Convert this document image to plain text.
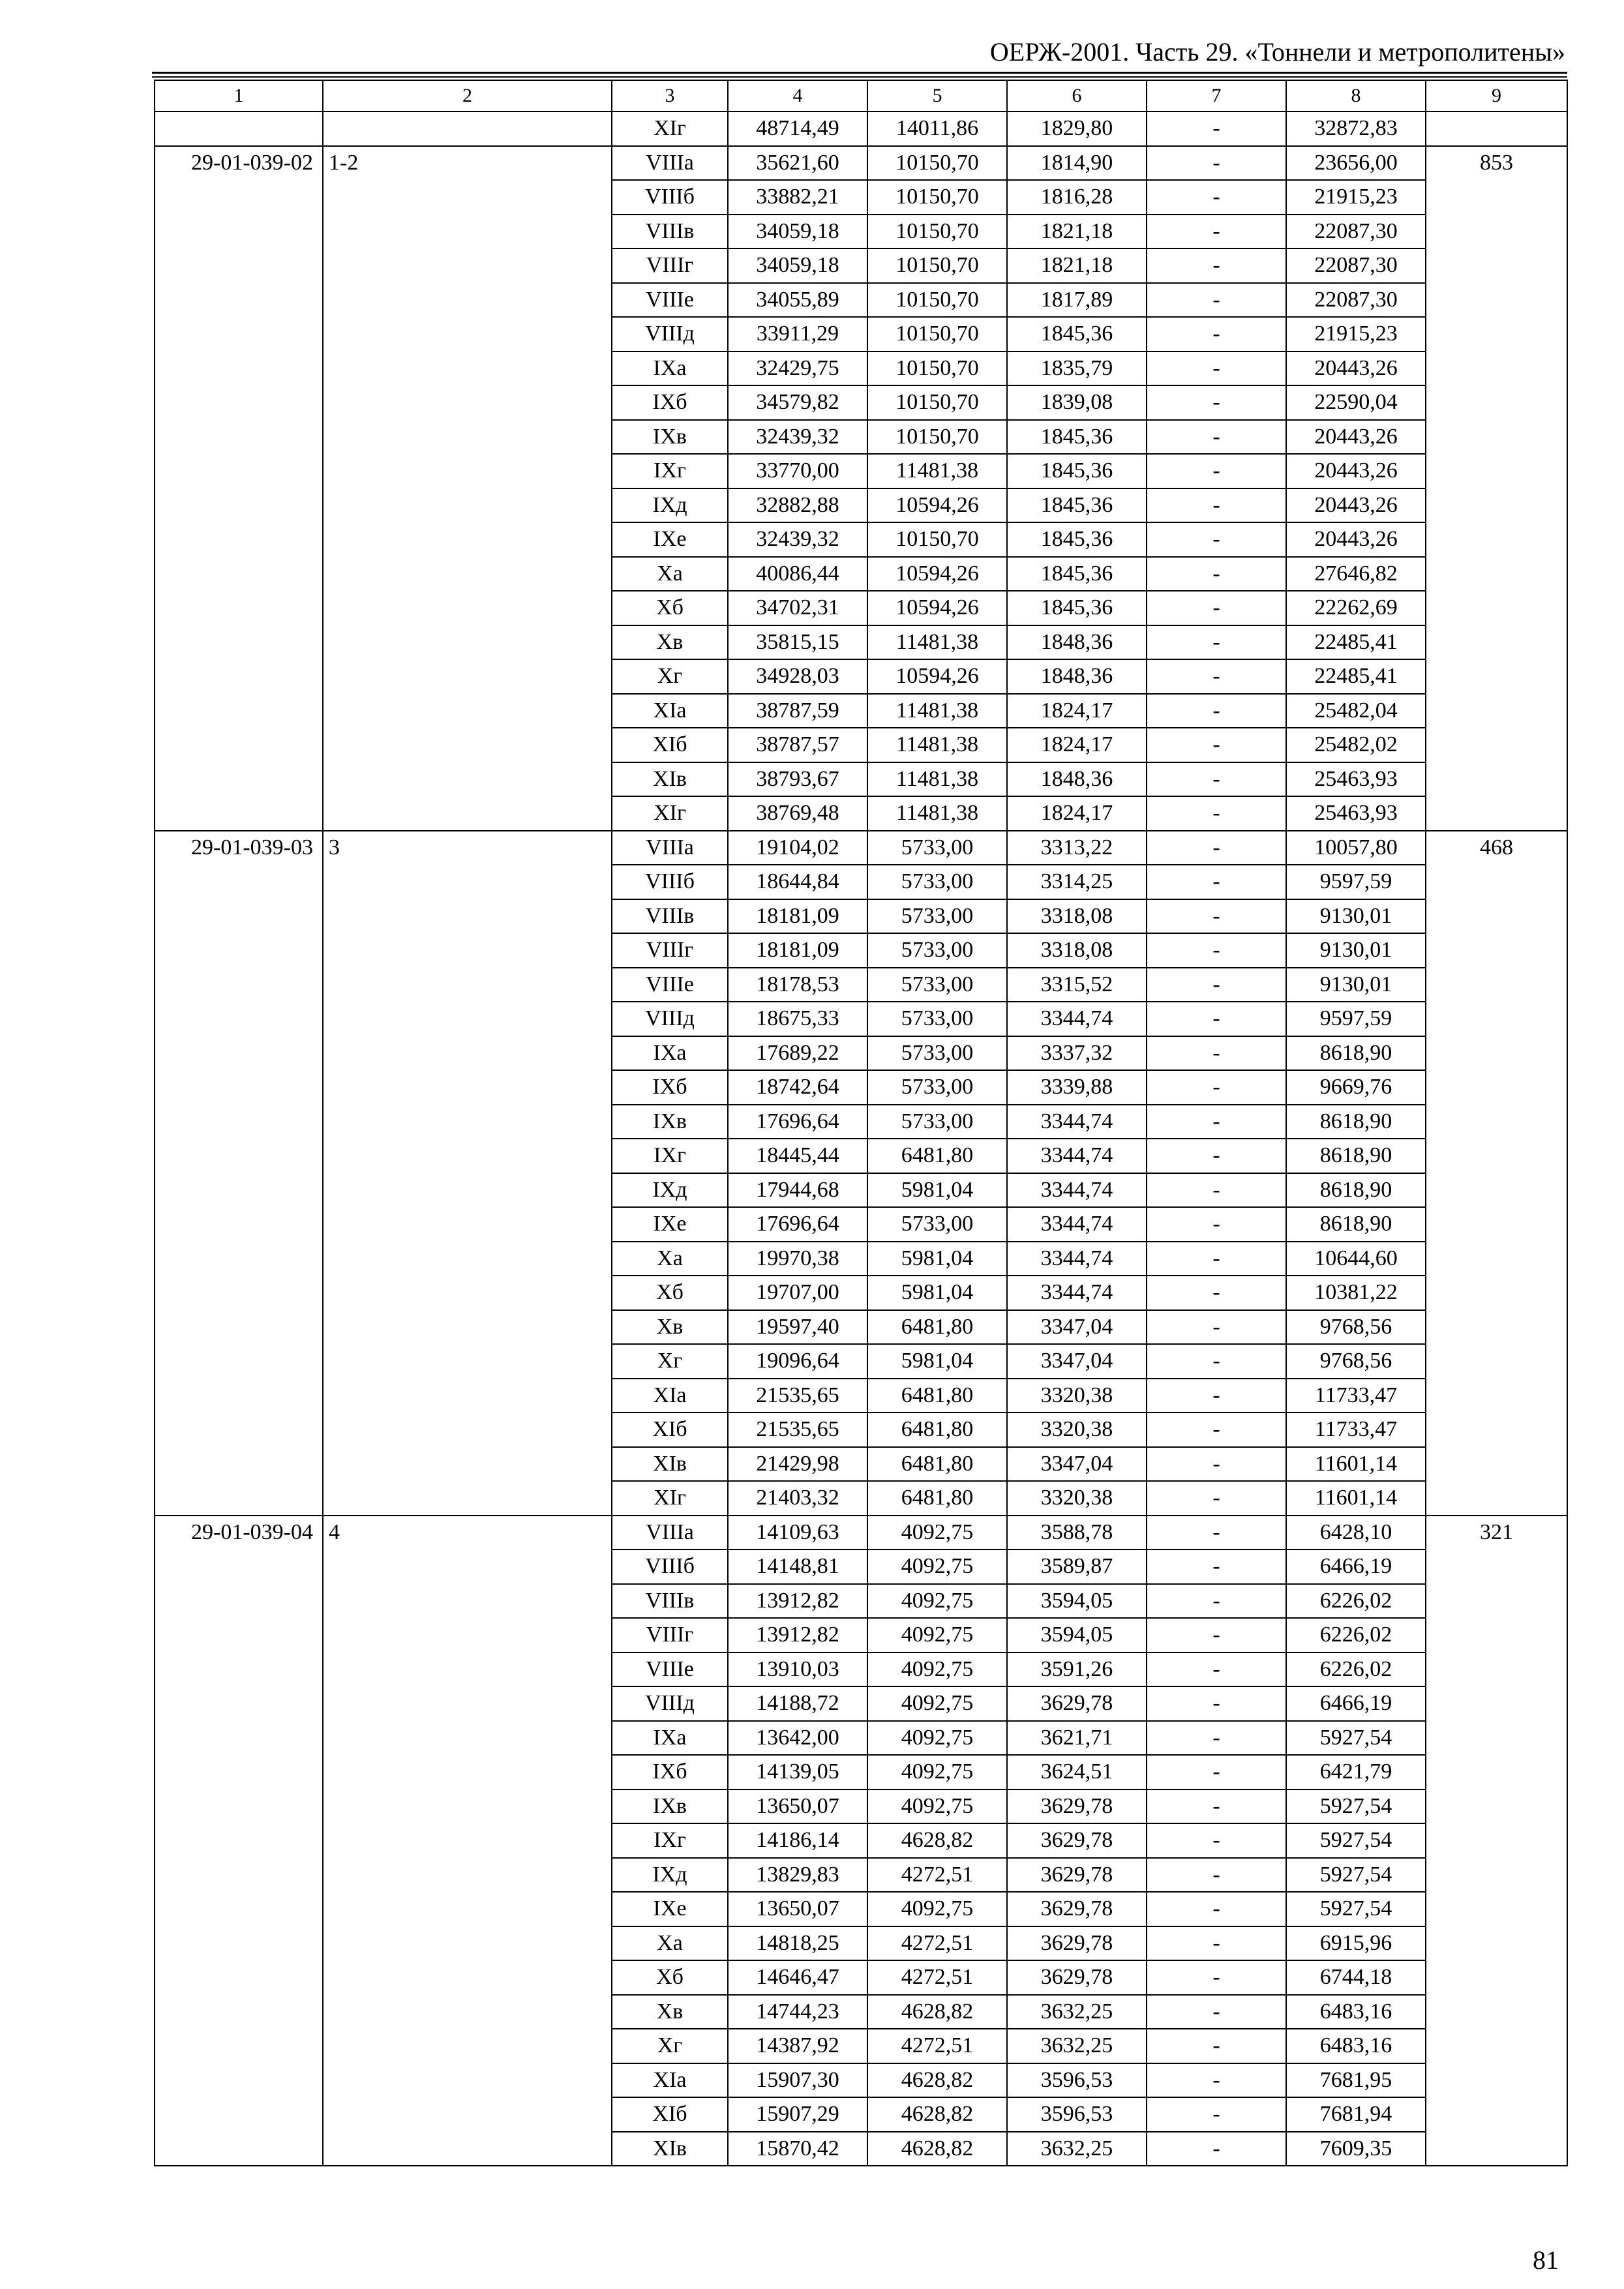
ОЕРЖ-2001. Часть 29. «Тоннели и метрополитены»
1	2	3	4	5	6	7	8	9
		XIг	48714,49	14011,86	1829,80	-	32872,83	
29-01-039-02	1-2	VIIIа	35621,60	10150,70	1814,90	-	23656,00	853
		VIIIб	33882,21	10150,70	1816,28	-	21915,23	
		VIIIв	34059,18	10150,70	1821,18	-	22087,30	
		VIIIг	34059,18	10150,70	1821,18	-	22087,30	
		VIIIе	34055,89	10150,70	1817,89	-	22087,30	
		VIIIд	33911,29	10150,70	1845,36	-	21915,23	
		IXа	32429,75	10150,70	1835,79	-	20443,26	
		IXб	34579,82	10150,70	1839,08	-	22590,04	
		IXв	32439,32	10150,70	1845,36	-	20443,26	
		IXг	33770,00	11481,38	1845,36	-	20443,26	
		IXд	32882,88	10594,26	1845,36	-	20443,26	
		IXе	32439,32	10150,70	1845,36	-	20443,26	
		Xа	40086,44	10594,26	1845,36	-	27646,82	
		Xб	34702,31	10594,26	1845,36	-	22262,69	
		Xв	35815,15	11481,38	1848,36	-	22485,41	
		Xг	34928,03	10594,26	1848,36	-	22485,41	
		XIа	38787,59	11481,38	1824,17	-	25482,04	
		XIб	38787,57	11481,38	1824,17	-	25482,02	
		XIв	38793,67	11481,38	1848,36	-	25463,93	
		XIг	38769,48	11481,38	1824,17	-	25463,93	
29-01-039-03	3	VIIIа	19104,02	5733,00	3313,22	-	10057,80	468
		VIIIб	18644,84	5733,00	3314,25	-	9597,59	
		VIIIв	18181,09	5733,00	3318,08	-	9130,01	
		VIIIг	18181,09	5733,00	3318,08	-	9130,01	
		VIIIе	18178,53	5733,00	3315,52	-	9130,01	
		VIIIд	18675,33	5733,00	3344,74	-	9597,59	
		IXа	17689,22	5733,00	3337,32	-	8618,90	
		IXб	18742,64	5733,00	3339,88	-	9669,76	
		IXв	17696,64	5733,00	3344,74	-	8618,90	
		IXг	18445,44	6481,80	3344,74	-	8618,90	
		IXд	17944,68	5981,04	3344,74	-	8618,90	
		IXе	17696,64	5733,00	3344,74	-	8618,90	
		Xа	19970,38	5981,04	3344,74	-	10644,60	
		Xб	19707,00	5981,04	3344,74	-	10381,22	
		Xв	19597,40	6481,80	3347,04	-	9768,56	
		Xг	19096,64	5981,04	3347,04	-	9768,56	
		XIа	21535,65	6481,80	3320,38	-	11733,47	
		XIб	21535,65	6481,80	3320,38	-	11733,47	
		XIв	21429,98	6481,80	3347,04	-	11601,14	
		XIг	21403,32	6481,80	3320,38	-	11601,14	
29-01-039-04	4	VIIIа	14109,63	4092,75	3588,78	-	6428,10	321
		VIIIб	14148,81	4092,75	3589,87	-	6466,19	
		VIIIв	13912,82	4092,75	3594,05	-	6226,02	
		VIIIг	13912,82	4092,75	3594,05	-	6226,02	
		VIIIе	13910,03	4092,75	3591,26	-	6226,02	
		VIIIд	14188,72	4092,75	3629,78	-	6466,19	
		IXа	13642,00	4092,75	3621,71	-	5927,54	
		IXб	14139,05	4092,75	3624,51	-	6421,79	
		IXв	13650,07	4092,75	3629,78	-	5927,54	
		IXг	14186,14	4628,82	3629,78	-	5927,54	
		IXд	13829,83	4272,51	3629,78	-	5927,54	
		IXе	13650,07	4092,75	3629,78	-	5927,54	
		Xа	14818,25	4272,51	3629,78	-	6915,96	
		Xб	14646,47	4272,51	3629,78	-	6744,18	
		Xв	14744,23	4628,82	3632,25	-	6483,16	
		Xг	14387,92	4272,51	3632,25	-	6483,16	
		XIа	15907,30	4628,82	3596,53	-	7681,95	
		XIб	15907,29	4628,82	3596,53	-	7681,94	
		XIв	15870,42	4628,82	3632,25	-	7609,35	
81
